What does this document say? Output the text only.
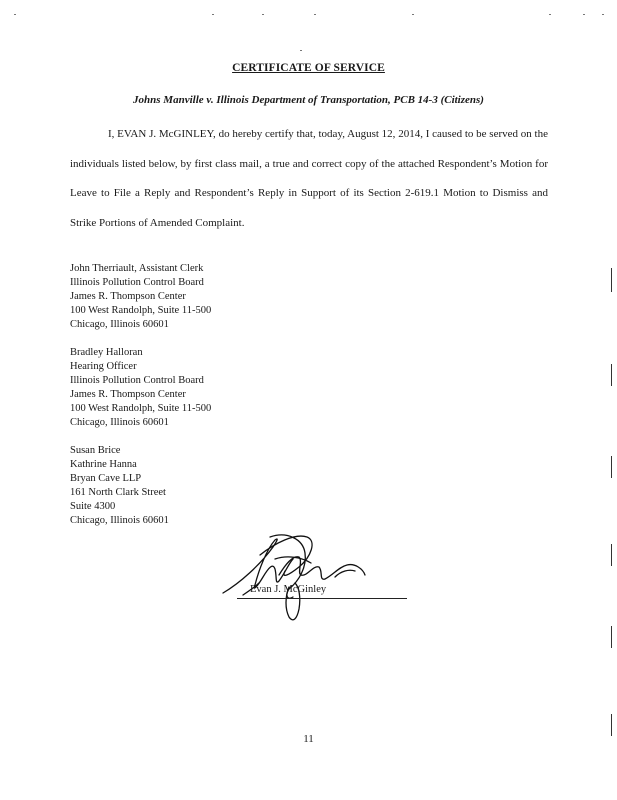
CERTIFICATE OF SERVICE
Johns Manville v. Illinois Department of Transportation, PCB 14-3 (Citizens)
I, EVAN J. McGINLEY, do hereby certify that, today, August 12, 2014, I caused to be served on the individuals listed below, by first class mail, a true and correct copy of the attached Respondent’s Motion for Leave to File a Reply and Respondent’s Reply in Support of its Section 2-619.1 Motion to Dismiss and Strike Portions of Amended Complaint.
John Therriault, Assistant Clerk
Illinois Pollution Control Board
James R. Thompson Center
100 West Randolph, Suite 11-500
Chicago, Illinois 60601
Bradley Halloran
Hearing Officer
Illinois Pollution Control Board
James R. Thompson Center
100 West Randolph, Suite 11-500
Chicago, Illinois 60601
Susan Brice
Kathrine Hanna
Bryan Cave LLP
161 North Clark Street
Suite 4300
Chicago, Illinois 60601
Evan J. McGinley
11
